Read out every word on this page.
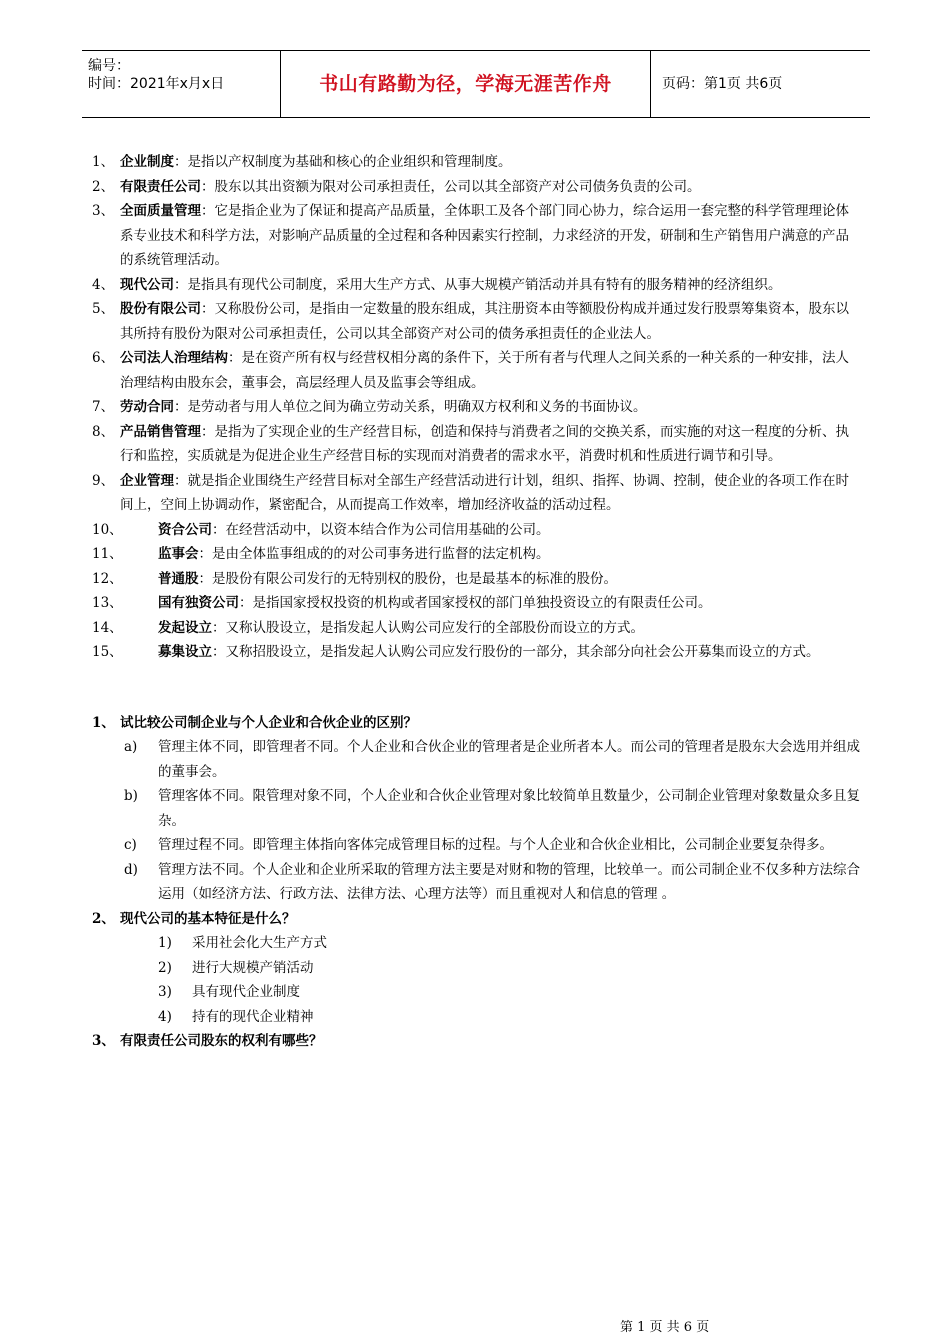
编号：
时间：2021年x月x日	书山有路勤为径，学海无涯苦作舟	页码：第1页 共6页
1、 企业制度：是指以产权制度为基础和核心的企业组织和管理制度。
2、 有限责任公司：股东以其出资额为限对公司承担责任，公司以其全部资产对公司债务负责的公司。
3、 全面质量管理：它是指企业为了保证和提高产品质量，全体职工及各个部门同心协力，综合运用一套完整的科学管理理论体系专业技术和科学方法，对影响产品质量的全过程和各种因素实行控制，力求经济的开发，研制和生产销售用户满意的产品的系统管理活动。
4、 现代公司：是指具有现代公司制度，采用大生产方式、从事大规模产销活动并具有特有的服务精神的经济组织。
5、 股份有限公司：又称股份公司，是指由一定数量的股东组成，其注册资本由等额股份构成并通过发行股票筹集资本，股东以其所持有股份为限对公司承担责任，公司以其全部资产对公司的债务承担责任的企业法人。
6、 公司法人治理结构：是在资产所有权与经营权相分离的条件下，关于所有者与代理人之间关系的一种关系的一种安排，法人治理结构由股东会，董事会，高层经理人员及监事会等组成。
7、 劳动合同：是劳动者与用人单位之间为确立劳动关系，明确双方权利和义务的书面协议。
8、 产品销售管理：是指为了实现企业的生产经营目标，创造和保持与消费者之间的交换关系，而实施的对这一程度的分析、执行和监控，实质就是为促进企业生产经营目标的实现而对消费者的需求水平，消费时机和性质进行调节和引导。
9、 企业管理：就是指企业围绕生产经营目标对全部生产经营活动进行计划，组织、指挥、协调、控制，使企业的各项工作在时间上，空间上协调动作，紧密配合，从而提高工作效率，增加经济收益的活动过程。
10、	资合公司：在经营活动中，以资本结合作为公司信用基础的公司。
11、	监事会：是由全体监事组成的的对公司事务进行监督的法定机构。
12、	普通股：是股份有限公司发行的无特别权的股份，也是最基本的标准的股份。
13、	国有独资公司：是指国家授权投资的机构或者国家授权的部门单独投资设立的有限责任公司。
14、	发起设立：又称认股设立，是指发起人认购公司应发行的全部股份而设立的方式。
15、	募集设立：又称招股设立，是指发起人认购公司应发行股份的一部分，其余部分向社会公开募集而设立的方式。
1、 试比较公司制企业与个人企业和合伙企业的区别？
a) 管理主体不同，即管理者不同。个人企业和合伙企业的管理者是企业所者本人。而公司的管理者是股东大会选用并组成的董事会。
b) 管理客体不同。限管理对象不同，个人企业和合伙企业管理对象比较简单且数量少，公司制企业管理对象数量众多且复杂。
c) 管理过程不同。即管理主体指向客体完成管理目标的过程。与个人企业和合伙企业相比，公司制企业要复杂得多。
d) 管理方法不同。个人企业和企业所采取的管理方法主要是对财和物的管理，比较单一。而公司制企业不仅多种方法综合运用（如经济方法、行政方法、法律方法、心理方法等）而且重视对人和信息的管理 。
2、 现代公司的基本特征是什么？
1) 采用社会化大生产方式
2) 进行大规模产销活动
3) 具有现代企业制度
4) 持有的现代企业精神
3、 有限责任公司股东的权利有哪些？
第 1 页 共 6 页
